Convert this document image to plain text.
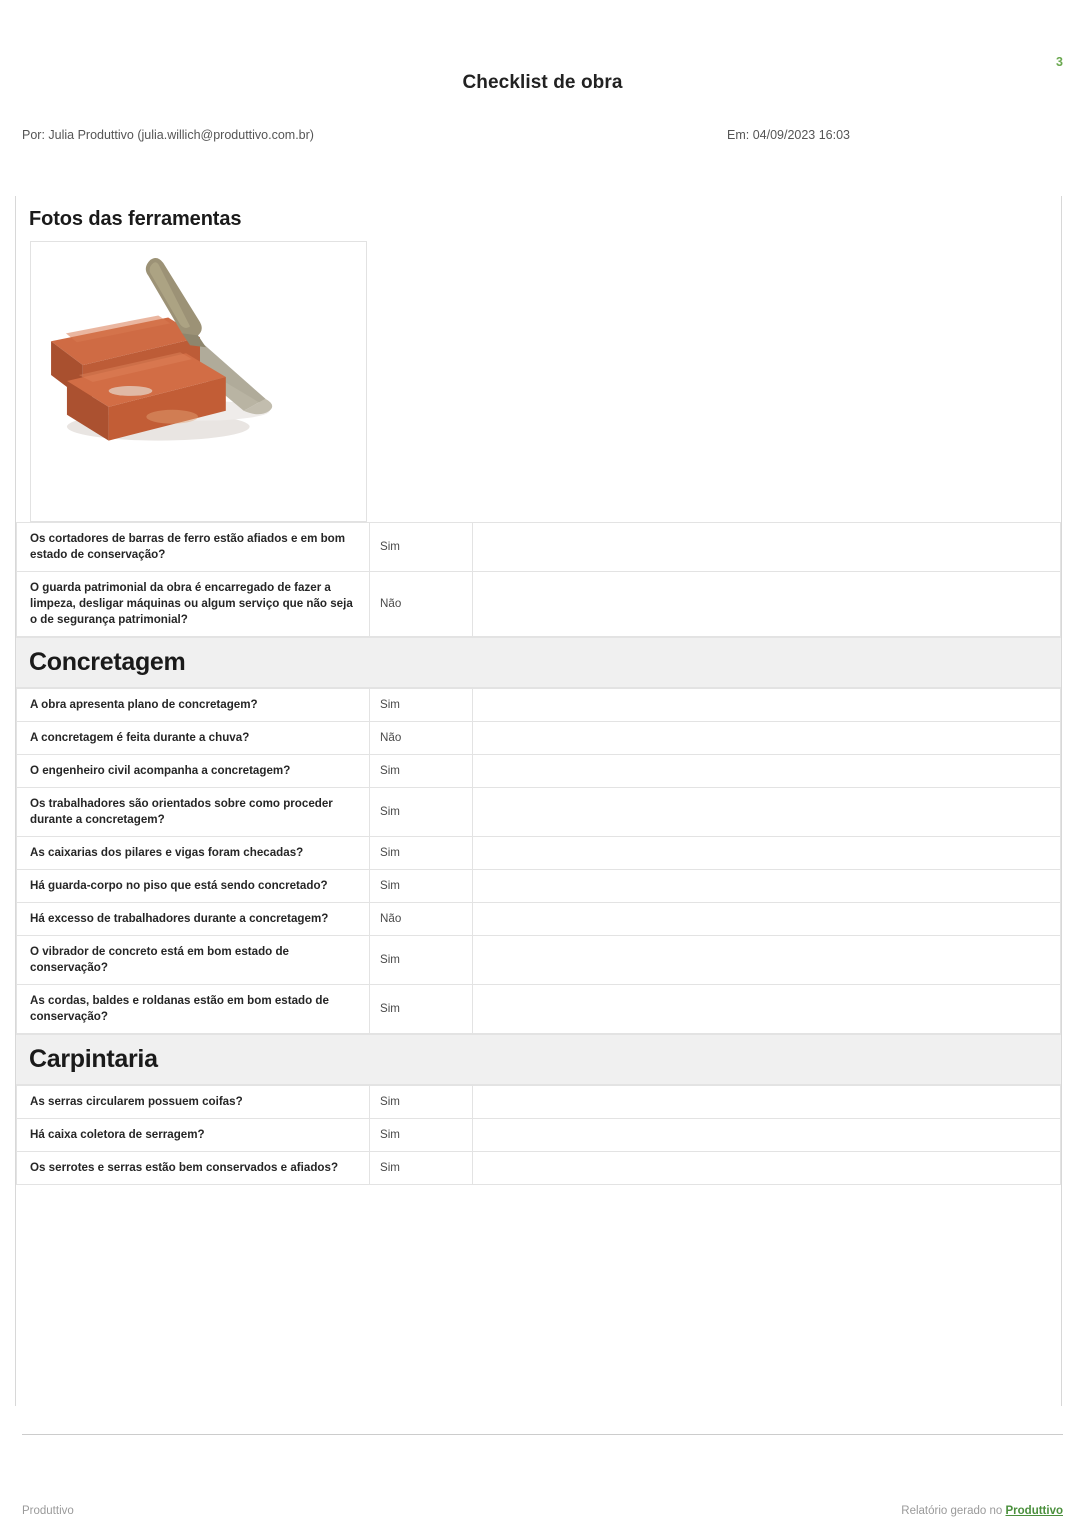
3
Checklist de obra
Por: Julia Produttivo (julia.willich@produttivo.com.br)	Em: 04/09/2023 16:03
Fotos das ferramentas
Os cortadores de barras de ferro estão afiados e em bom estado de conservação?	Sim	
O guarda patrimonial da obra é encarregado de fazer a limpeza, desligar máquinas ou algum serviço que não seja o de segurança patrimonial?	Não	
Concretagem
A obra apresenta plano de concretagem?	Sim	
A concretagem é feita durante a chuva?	Não	
O engenheiro civil acompanha a concretagem?	Sim	
Os trabalhadores são orientados sobre como proceder durante a concretagem?	Sim	
As caixarias dos pilares e vigas foram checadas?	Sim	
Há guarda-corpo no piso que está sendo concretado?	Sim	
Há excesso de trabalhadores durante a concretagem?	Não	
O vibrador de concreto está em bom estado de conservação?	Sim	
As cordas, baldes e roldanas estão em bom estado de conservação?	Sim	
Carpintaria
As serras circularem possuem coifas?	Sim	
Há caixa coletora de serragem?	Sim	
Os serrotes e serras estão bem conservados e afiados?	Sim	
Produttivo	Relatório gerado no Produttivo
